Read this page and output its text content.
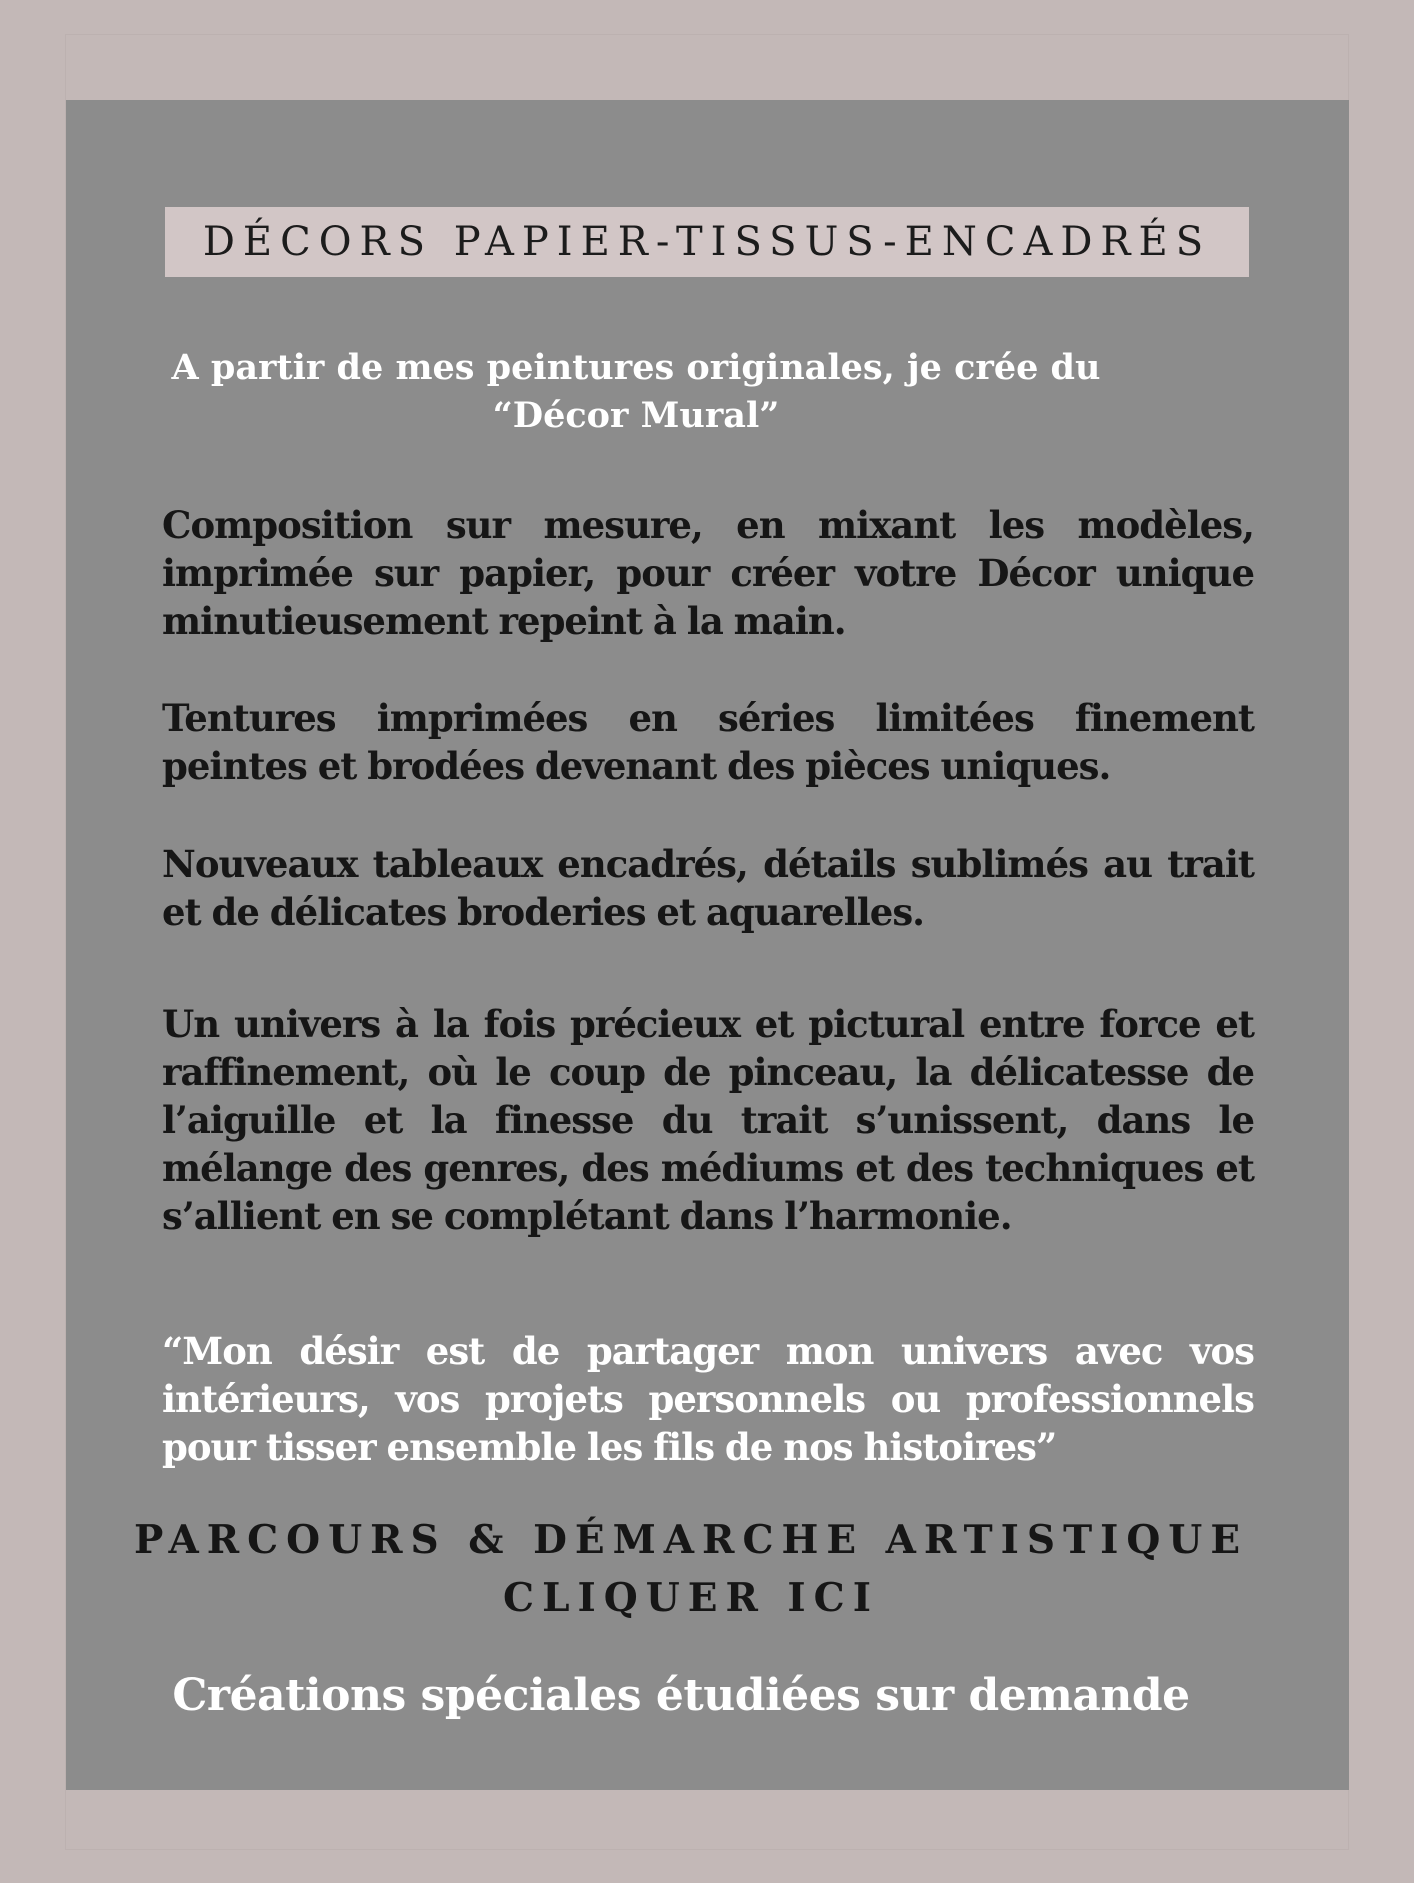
DÉCORS PAPIER-TISSUS-ENCADRÉS
A partir de mes peintures originales, je crée du
“Décor Mural”
Composition sur mesure, en mixant les modèles, imprimée sur papier, pour créer votre Décor unique minutieusement repeint à la main.
Tentures imprimées en séries limitées finement peintes et brodées devenant des pièces uniques.
Nouveaux tableaux encadrés, détails sublimés au trait et de délicates broderies et aquarelles.
Un univers à la fois précieux et pictural entre force et raffinement, où le coup de pinceau, la délicatesse de l’aiguille et la finesse du trait s’unissent, dans le mélange des genres, des médiums et des techniques et s’allient en se complétant dans l’harmonie.
“Mon désir est de partager mon univers avec vos intérieurs, vos projets personnels ou professionnels pour tisser ensemble les fils de nos histoires”
PARCOURS & DÉMARCHE ARTISTIQUE
CLIQUER ICI
Créations spéciales étudiées sur demande
